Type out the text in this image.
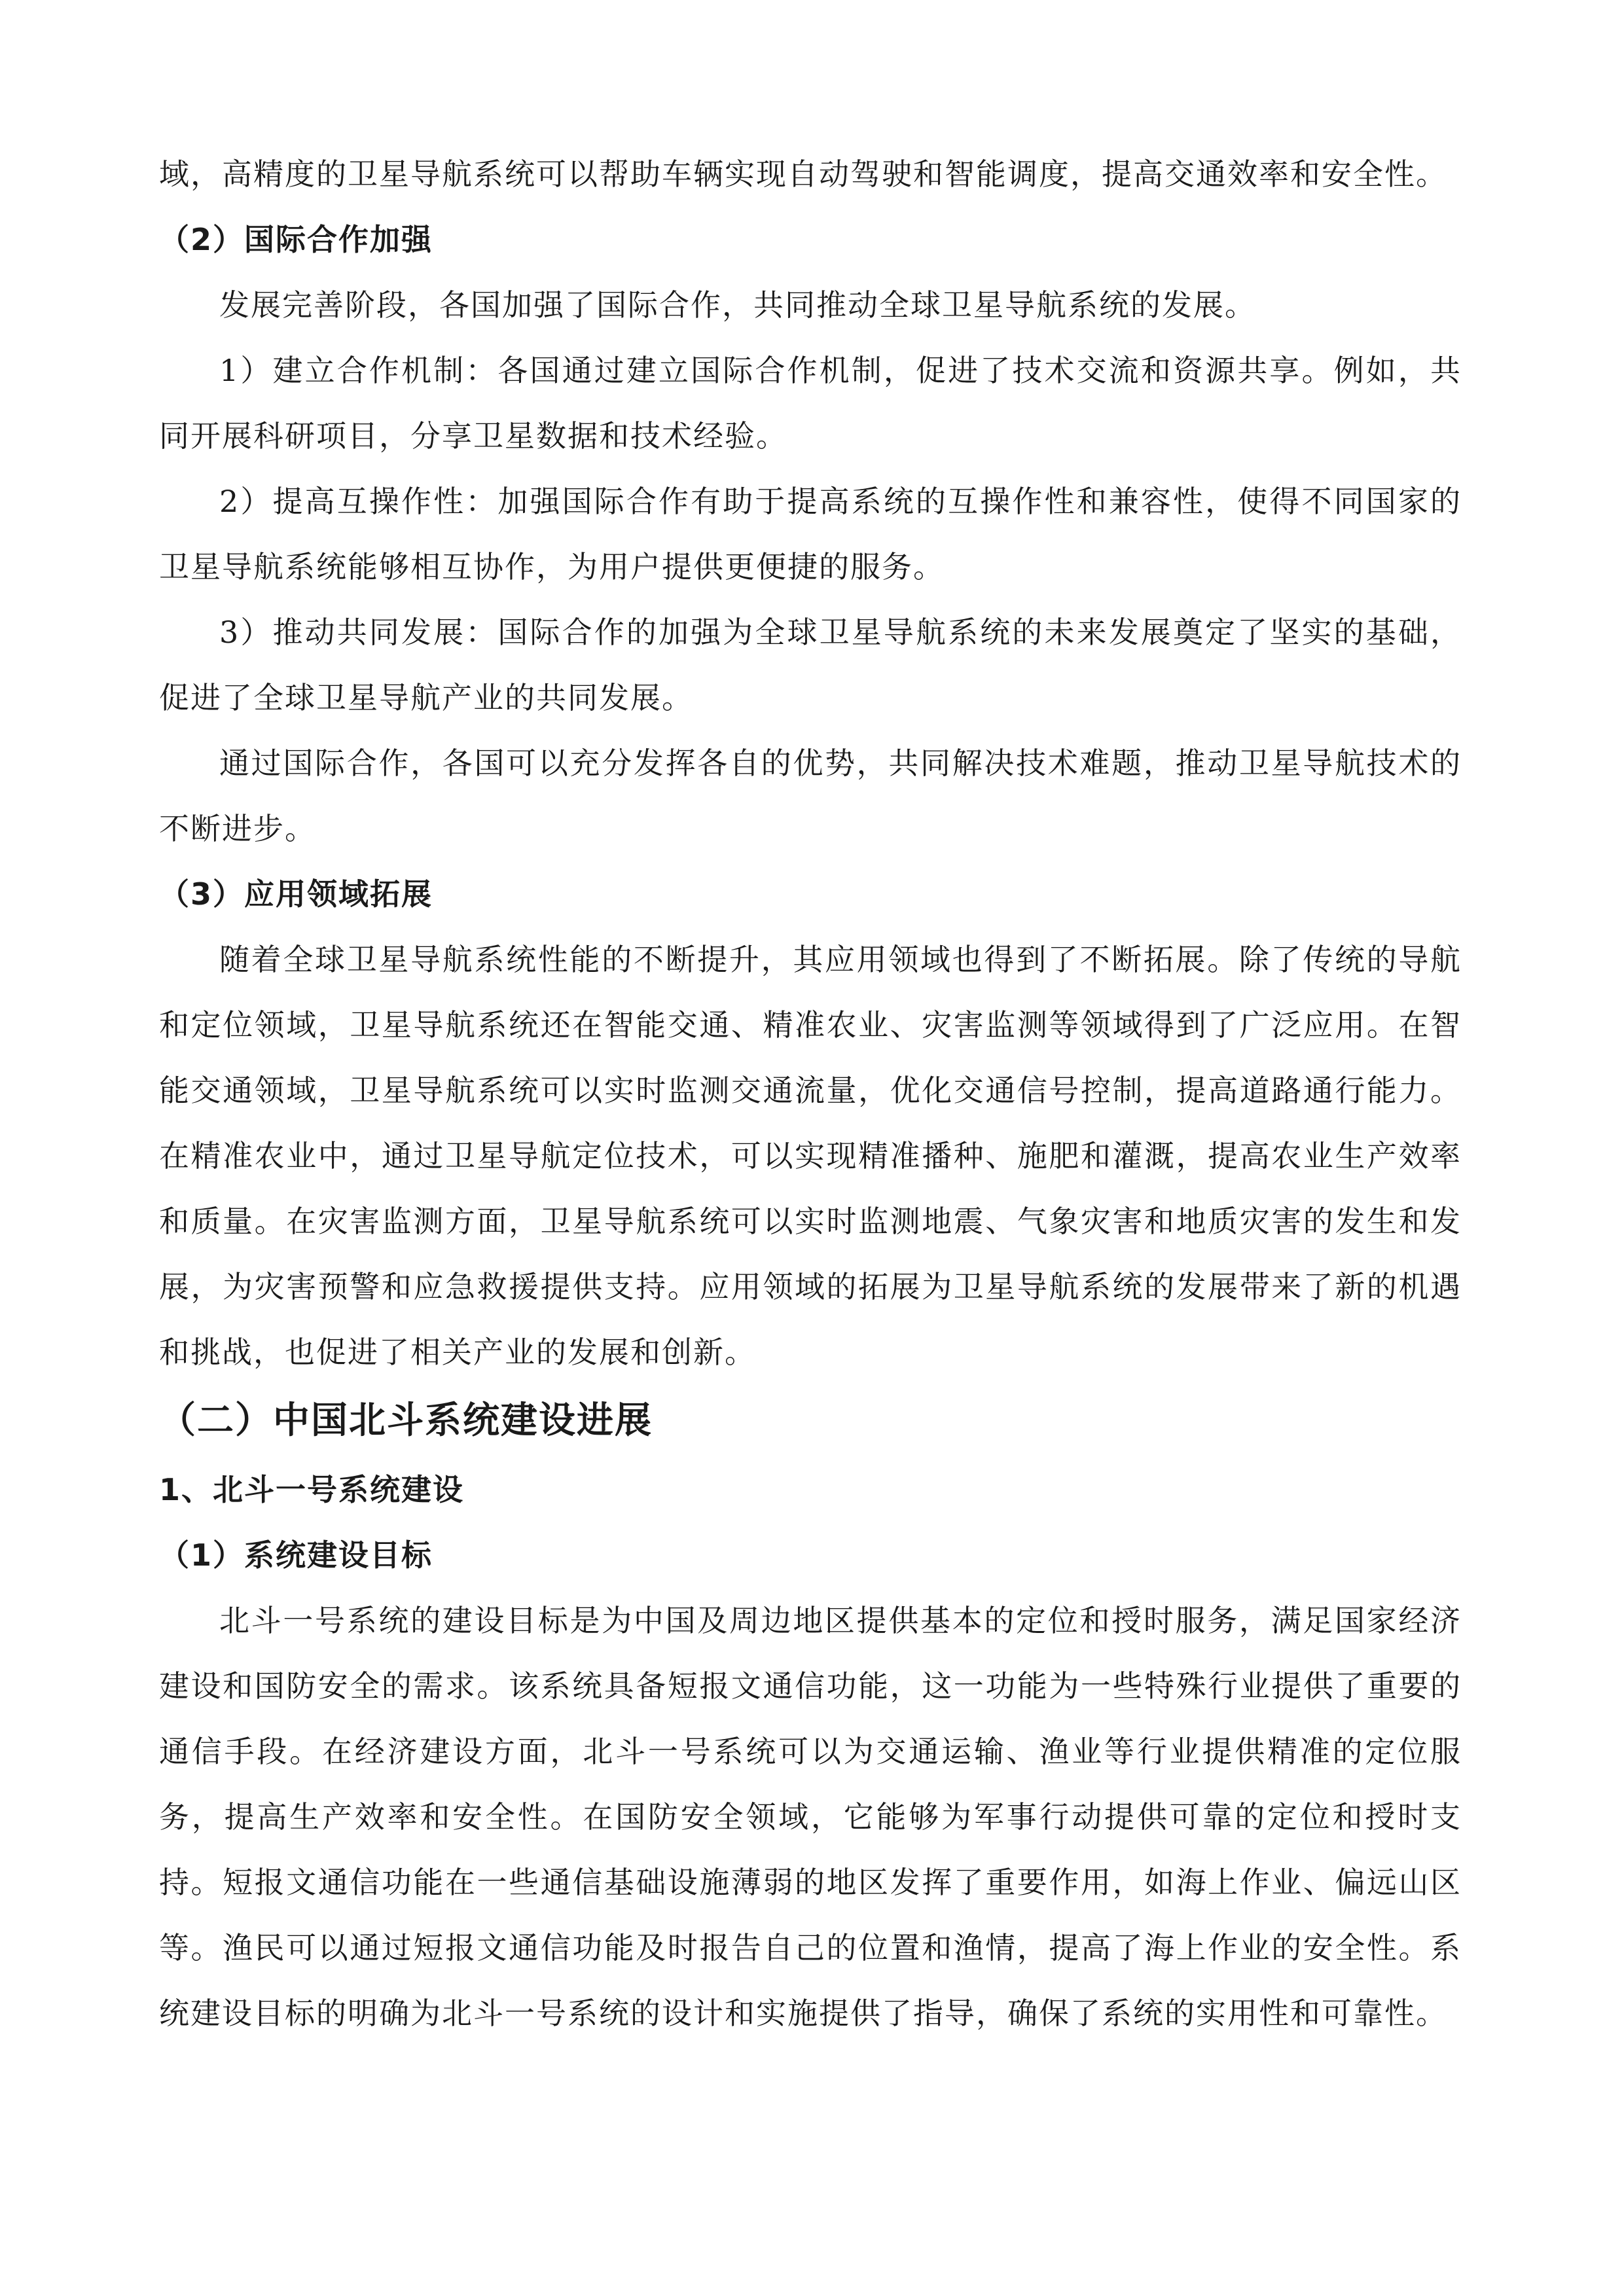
域，高精度的卫星导航系统可以帮助车辆实现自动驾驶和智能调度，提高交通效率和安全性。

（2）国际合作加强

发展完善阶段，各国加强了国际合作，共同推动全球卫星导航系统的发展。

1）建立合作机制：各国通过建立国际合作机制，促进了技术交流和资源共享。例如，共同开展科研项目，分享卫星数据和技术经验。

2）提高互操作性：加强国际合作有助于提高系统的互操作性和兼容性，使得不同国家的卫星导航系统能够相互协作，为用户提供更便捷的服务。

3）推动共同发展：国际合作的加强为全球卫星导航系统的未来发展奠定了坚实的基础，促进了全球卫星导航产业的共同发展。

通过国际合作，各国可以充分发挥各自的优势，共同解决技术难题，推动卫星导航技术的不断进步。

（3）应用领域拓展

随着全球卫星导航系统性能的不断提升，其应用领域也得到了不断拓展。除了传统的导航和定位领域，卫星导航系统还在智能交通、精准农业、灾害监测等领域得到了广泛应用。在智能交通领域，卫星导航系统可以实时监测交通流量，优化交通信号控制，提高道路通行能力。在精准农业中，通过卫星导航定位技术，可以实现精准播种、施肥和灌溉，提高农业生产效率和质量。在灾害监测方面，卫星导航系统可以实时监测地震、气象灾害和地质灾害的发生和发展，为灾害预警和应急救援提供支持。应用领域的拓展为卫星导航系统的发展带来了新的机遇和挑战，也促进了相关产业的发展和创新。

（二）中国北斗系统建设进展
1、北斗一号系统建设
（1）系统建设目标

北斗一号系统的建设目标是为中国及周边地区提供基本的定位和授时服务，满足国家经济建设和国防安全的需求。该系统具备短报文通信功能，这一功能为一些特殊行业提供了重要的通信手段。在经济建设方面，北斗一号系统可以为交通运输、渔业等行业提供精准的定位服务，提高生产效率和安全性。在国防安全领域，它能够为军事行动提供可靠的定位和授时支持。短报文通信功能在一些通信基础设施薄弱的地区发挥了重要作用，如海上作业、偏远山区等。渔民可以通过短报文通信功能及时报告自己的位置和渔情，提高了海上作业的安全性。系统建设目标的明确为北斗一号系统的设计和实施提供了指导，确保了系统的实用性和可靠性。
